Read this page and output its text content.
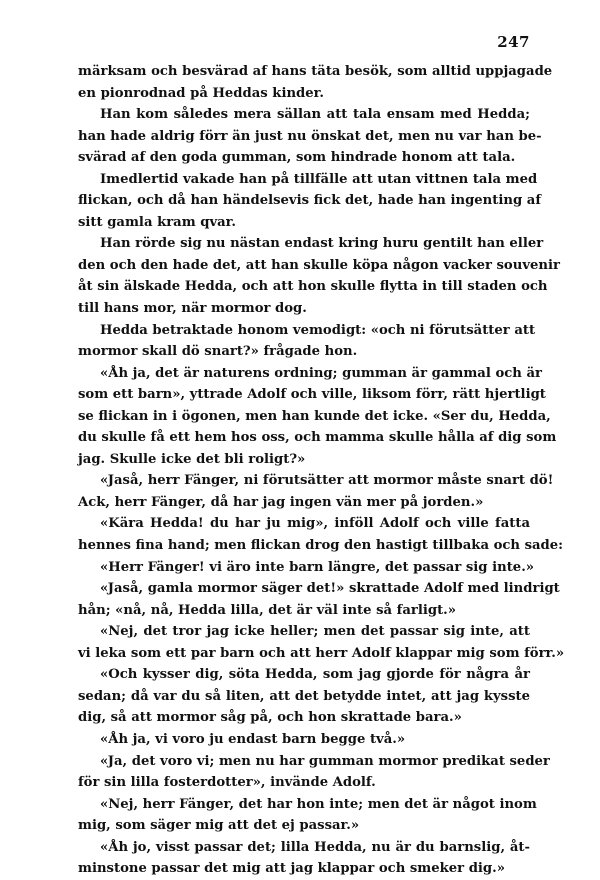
247
märksam och besvärad af hans täta besök, som alltid uppjagade
en pionrodnad på Heddas kinder.
Han kom således mera sällan att tala ensam med Hedda;
han hade aldrig förr än just nu önskat det, men nu var han be-
svärad af den goda gumman, som hindrade honom att tala.
Imedlertid vakade han på tillfälle att utan vittnen tala med
flickan, och då han händelsevis fick det, hade han ingenting af
sitt gamla kram qvar.
Han rörde sig nu nästan endast kring huru gentilt han eller
den och den hade det, att han skulle köpa någon vacker souvenir
åt sin älskade Hedda, och att hon skulle flytta in till staden och
till hans mor, när mormor dog.
Hedda betraktade honom vemodigt: «och ni förutsätter att
mormor skall dö snart?» frågade hon.
«Åh ja, det är naturens ordning; gumman är gammal och är
som ett barn», yttrade Adolf och ville, liksom förr, rätt hjertligt
se flickan in i ögonen, men han kunde det icke. «Ser du, Hedda,
du skulle få ett hem hos oss, och mamma skulle hålla af dig som
jag. Skulle icke det bli roligt?»
«Jaså, herr Fänger, ni förutsätter att mormor måste snart dö!
Ack, herr Fänger, då har jag ingen vän mer på jorden.»
«Kära Hedda! du har ju mig», inföll Adolf och ville fatta
hennes fina hand; men flickan drog den hastigt tillbaka och sade:
«Herr Fänger! vi äro inte barn längre, det passar sig inte.»
«Jaså, gamla mormor säger det!» skrattade Adolf med lindrigt
hån; «nå, nå, Hedda lilla, det är väl inte så farligt.»
«Nej, det tror jag icke heller; men det passar sig inte, att
vi leka som ett par barn och att herr Adolf klappar mig som förr.»
«Och kysser dig, söta Hedda, som jag gjorde för några år
sedan; då var du så liten, att det betydde intet, att jag kysste
dig, så att mormor såg på, och hon skrattade bara.»
«Åh ja, vi voro ju endast barn begge två.»
«Ja, det voro vi; men nu har gumman mormor predikat seder
för sin lilla fosterdotter», invände Adolf.
«Nej, herr Fänger, det har hon inte; men det är något inom
mig, som säger mig att det ej passar.»
«Åh jo, visst passar det; lilla Hedda, nu är du barnslig, åt-
minstone passar det mig att jag klappar och smeker dig.»
